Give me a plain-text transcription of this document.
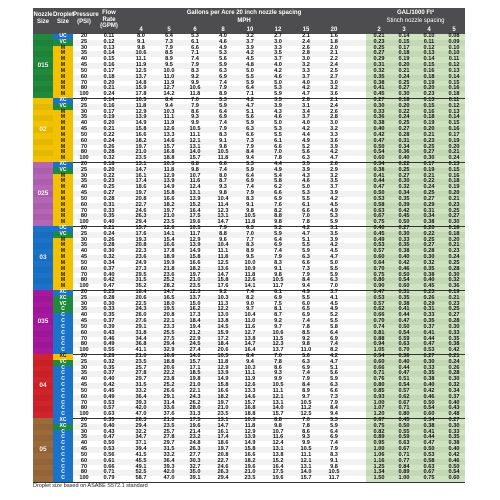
Nozzle Size
Droplet Size
Pressure (PSI)
Flow Rate (GPM)
Gallons per Acre 20 inch nozzle spacing
MPH
GAL/1000 Ft²
Stinch nozzle spacing
4	5	6	8	10	12	15	20	2	3	4	5
015
UC	20	0.11	8.0	6.4	5.3	4.0	3.2	2.7	2.1	1.6	0.21	0.14	0.10	0.08
VC	25	0.12	9.1	7.3	6.1	4.6	3.7	3.0	2.4	1.8	0.23	0.15	0.11	0.09
M	30	0.13	9.8	7.9	6.6	4.9	3.9	3.3	2.6	2.0	0.25	0.17	0.12	0.10
M	35	0.14	10.6	8.5	7.1	5.3	4.2	3.5	2.8	2.1	0.27	0.18	0.13	0.10
M	40	0.15	11.1	8.9	7.4	5.6	4.5	3.7	3.0	2.2	0.29	0.19	0.14	0.11
M	45	0.16	11.9	9.5	7.9	5.9	4.8	4.0	3.2	2.4	0.31	0.20	0.15	0.12
M	50	0.17	12.5	10.0	8.3	6.3	5.0	4.2	3.3	2.5	0.32	0.21	0.16	0.13
M	60	0.18	13.7	11.0	9.2	6.9	5.5	4.6	3.7	2.7	0.35	0.24	0.18	0.14
M	70	0.20	14.8	11.9	9.9	7.4	5.9	5.0	4.0	3.0	0.38	0.25	0.19	0.15
M	80	0.21	15.9	12.7	10.6	7.9	6.4	5.3	4.2	3.2	0.41	0.27	0.20	0.16
M	100	0.24	17.8	14.2	11.8	8.9	7.1	5.9	4.7	3.6	0.45	0.30	0.23	0.18
02
XC	20	0.14	10.5	8.4	7.0	5.3	4.2	3.5	2.8	2.1	0.27	0.18	0.13	0.11
VC	25	0.16	11.8	9.4	7.9	5.9	4.7	3.9	3.1	2.4	0.30	0.20	0.15	0.12
M	30	0.17	12.9	10.3	8.6	6.4	5.1	4.3	3.4	2.6	0.33	0.22	0.16	0.13
M	35	0.19	13.9	11.1	9.3	6.9	5.6	4.6	3.7	2.8	0.36	0.24	0.18	0.14
M	40	0.20	14.9	11.9	9.9	7.4	5.9	5.0	4.0	3.0	0.38	0.25	0.19	0.15
M	45	0.21	15.8	12.6	10.5	7.9	6.3	5.3	4.2	3.2	0.40	0.27	0.20	0.16
M	50	0.22	16.6	13.3	11.1	8.3	6.6	5.5	4.4	3.3	0.42	0.28	0.21	0.17
M	60	0.24	18.2	14.6	12.1	9.1	7.3	6.1	4.9	3.6	0.47	0.31	0.23	0.19
M	70	0.26	19.7	15.7	13.1	9.8	7.9	6.6	5.2	3.9	0.50	0.34	0.25	0.20
M	80	0.28	21.0	16.8	14.0	10.5	8.4	7.0	5.6	4.2	0.54	0.36	0.27	0.21
M	100	0.32	23.5	18.8	15.7	11.8	9.4	7.8	6.3	4.7	0.60	0.40	0.30	0.24
025
XC	20	0.18	13.1	10.5	8.8	6.6	5.3	4.4	3.5	2.6	0.34	0.22	0.17	0.13
VC	25	0.20	14.7	11.8	9.8	7.4	5.9	4.9	3.9	2.9	0.38	0.25	0.19	0.15
M	30	0.22	16.1	12.9	10.7	8.0	6.4	5.4	4.3	3.2	0.41	0.27	0.21	0.16
M	35	0.23	17.4	13.9	11.6	8.7	6.9	5.8	4.6	3.5	0.44	0.30	0.22	0.18
M	40	0.25	18.6	14.9	12.4	9.3	7.4	6.2	5.0	3.7	0.47	0.32	0.24	0.19
M	45	0.27	19.7	15.8	13.1	9.8	7.9	6.6	5.3	3.9	0.50	0.34	0.25	0.20
M	50	0.28	20.8	16.6	13.9	10.4	8.3	6.9	5.5	4.2	0.53	0.35	0.27	0.21
M	60	0.31	22.7	18.2	15.2	11.4	9.1	7.6	6.1	4.5	0.58	0.39	0.29	0.23
M	70	0.33	24.6	19.7	16.4	12.3	9.8	8.2	6.6	4.9	0.63	0.42	0.31	0.25
M	80	0.35	26.3	21.0	17.5	13.1	10.5	8.8	7.0	5.3	0.67	0.45	0.34	0.27
M	100	0.40	29.4	23.5	19.6	14.7	11.8	9.8	7.8	5.9	0.75	0.50	0.38	0.30
03
UC	20	0.21	15.7	12.6	10.5	7.9	6.3	5.2	4.2	3.1	0.40	0.27	0.20	0.16
VC	25	0.24	17.6	14.1	11.7	8.8	7.0	5.9	4.7	3.5	0.45	0.30	0.22	0.18
M	30	0.26	19.3	15.4	12.9	9.6	7.7	6.4	5.1	3.9	0.49	0.33	0.25	0.20
M	35	0.28	20.8	16.6	13.9	10.4	8.3	6.9	5.5	4.2	0.53	0.35	0.27	0.21
M	40	0.30	22.3	17.8	14.9	11.1	8.9	7.4	5.9	4.5	0.57	0.38	0.28	0.23
M	45	0.32	23.6	18.9	15.8	11.8	9.5	7.9	6.3	4.7	0.60	0.40	0.30	0.24
M	50	0.34	24.9	19.9	16.6	12.5	10.0	8.3	6.6	5.0	0.64	0.42	0.32	0.25
M	60	0.37	27.3	21.8	18.2	13.6	10.9	9.1	7.3	5.5	0.70	0.46	0.35	0.28
M	70	0.40	29.5	23.6	19.7	14.7	11.8	9.8	7.9	5.9	0.75	0.50	0.38	0.30
M	80	0.42	31.5	25.2	21.0	15.8	12.6	10.5	8.4	6.3	0.80	0.54	0.40	0.32
M	100	0.47	35.2	28.2	23.5	17.6	14.1	11.7	9.4	7.0	0.90	0.60	0.45	0.36
035
XC	20	0.25	18.4	14.7	12.3	9.2	7.4	6.1	4.9	3.7	0.47	0.31	0.23	0.19
XC	25	0.28	20.6	16.5	13.7	10.3	8.2	6.9	5.5	4.1	0.53	0.35	0.26	0.21
VC	30	0.30	22.5	18.0	15.0	11.3	9.0	7.5	6.0	4.5	0.57	0.38	0.29	0.23
C	35	0.33	24.3	19.5	16.2	12.2	9.7	8.1	6.5	4.9	0.62	0.41	0.31	0.25
C	40	0.35	26.0	20.8	17.3	13.0	10.4	8.7	6.9	5.2	0.66	0.44	0.33	0.27
C	45	0.37	27.6	22.1	18.4	13.8	11.0	9.2	7.4	5.5	0.70	0.47	0.35	0.28
C	50	0.39	29.1	23.3	19.4	14.5	11.6	9.7	7.8	5.8	0.74	0.50	0.37	0.30
C	60	0.43	31.8	25.5	21.2	15.9	12.7	10.6	8.5	6.4	0.81	0.54	0.41	0.33
C	70	0.46	34.4	27.5	22.9	17.2	13.8	11.5	9.2	6.9	0.88	0.59	0.44	0.35
C	80	0.49	36.8	29.4	24.5	18.4	14.7	12.3	9.8	7.4	0.94	0.63	0.47	0.38
C	100	0.55	41.1	32.9	27.4	20.6	16.4	13.7	11.0	8.2	1.05	0.70	0.53	0.42
04
XC	20	0.28	21.0	16.8	14.0	10.5	8.4	7.0	5.6	4.2	0.54	0.36	0.27	0.21
VC	25	0.32	23.5	18.8	15.7	11.8	9.4	7.8	6.3	4.7	0.60	0.40	0.30	0.24
C	30	0.35	25.7	20.6	17.1	12.9	10.3	8.6	6.9	5.1	0.66	0.44	0.33	0.26
C	35	0.37	27.8	22.2	18.5	13.9	11.1	9.3	7.4	5.6	0.71	0.47	0.35	0.28
C	40	0.40	29.7	23.8	19.8	14.9	11.9	9.9	7.9	5.9	0.76	0.51	0.38	0.30
C	45	0.42	31.5	25.2	21.0	15.8	12.6	10.5	8.4	6.3	0.80	0.54	0.40	0.32
C	50	0.45	33.2	26.6	22.1	16.6	13.3	11.1	8.9	6.6	0.85	0.57	0.42	0.34
C	60	0.49	36.4	29.1	24.3	18.2	14.6	12.1	9.7	7.3	0.93	0.62	0.46	0.37
C	70	0.53	39.3	31.4	26.2	19.7	15.7	13.1	10.5	7.9	1.00	0.67	0.50	0.40
C	80	0.57	42.0	33.6	28.0	21.0	16.8	14.0	11.2	8.4	1.07	0.71	0.54	0.43
C	100	0.63	47.0	37.6	31.3	23.5	18.8	15.7	12.5	9.4	1.20	0.80	0.60	0.48
05
XC	20	0.35	26.3	21.0	17.5	13.1	10.5	8.8	7.0	5.3	0.67	0.45	0.34	0.27
XC	25	0.40	29.4	23.5	19.6	14.7	11.8	9.8	7.8	5.9	0.75	0.50	0.38	0.30
C	30	0.43	32.2	25.7	21.4	16.1	12.9	10.7	8.6	6.4	0.82	0.55	0.41	0.33
C	35	0.47	34.7	27.8	23.2	17.4	13.9	11.6	9.3	6.9	0.89	0.59	0.44	0.35
C	40	0.50	37.1	29.7	24.8	18.6	14.9	12.4	9.9	7.4	0.95	0.63	0.47	0.38
C	45	0.53	39.4	31.5	26.3	19.7	15.8	13.1	10.5	7.9	1.00	0.67	0.50	0.40
C	50	0.56	41.5	33.2	27.7	20.8	16.6	13.8	11.1	8.3	1.06	0.71	0.53	0.42
C	60	0.61	45.5	36.4	30.3	22.7	18.2	15.2	12.1	9.1	1.16	0.77	0.58	0.46
C	70	0.66	49.1	39.3	32.7	24.6	19.6	16.4	13.1	9.8	1.25	0.84	0.63	0.50
C	80	0.71	52.5	42.0	35.0	26.3	21.0	17.5	14.0	10.5	1.34	0.89	0.67	0.54
C	100	0.79	58.7	47.0	39.1	29.4	23.5	19.6	15.7	11.7	1.50	1.00	0.75	0.60
Droplet size based on ASABE S572.1 standard
